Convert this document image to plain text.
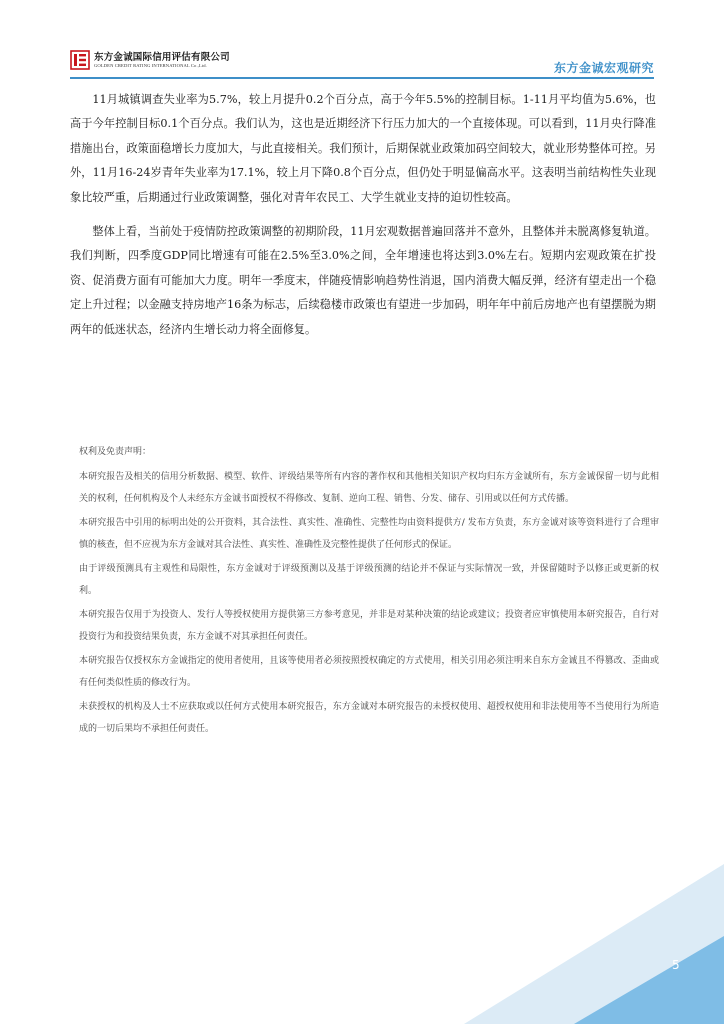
东方金诚国际信用评估有限公司
GOLDEN CREDIT RATING INTERNATIONAL Co.,Ltd.	东方金诚宏观研究

11月城镇调查失业率为5.7%，较上月提升0.2个百分点，高于今年5.5%的控制目标。1-11月平均值为5.6%，也高于今年控制目标0.1个百分点。我们认为，这也是近期经济下行压力加大的一个直接体现。可以看到，11月央行降准措施出台，政策面稳增长力度加大，与此直接相关。我们预计，后期保就业政策加码空间较大，就业形势整体可控。另外，11月16-24岁青年失业率为17.1%，较上月下降0.8个百分点，但仍处于明显偏高水平。这表明当前结构性失业现象比较严重，后期通过行业政策调整，强化对青年农民工、大学生就业支持的迫切性较高。

整体上看，当前处于疫情防控政策调整的初期阶段，11月宏观数据普遍回落并不意外，且整体并未脱离修复轨道。我们判断，四季度GDP同比增速有可能在2.5%至3.0%之间，全年增速也将达到3.0%左右。短期内宏观政策在扩投资、促消费方面有可能加大力度。明年一季度末，伴随疫情影响趋势性消退，国内消费大幅反弹，经济有望走出一个稳定上升过程；以金融支持房地产16条为标志，后续稳楼市政策也有望进一步加码，明年年中前后房地产也有望摆脱为期两年的低迷状态，经济内生增长动力将全面修复。

权利及免责声明：

本研究报告及相关的信用分析数据、模型、软件、评级结果等所有内容的著作权和其他相关知识产权均归东方金诚所有，东方金诚保留一切与此相关的权利，任何机构及个人未经东方金诚书面授权不得修改、复制、逆向工程、销售、分发、储存、引用或以任何方式传播。

本研究报告中引用的标明出处的公开资料，其合法性、真实性、准确性、完整性均由资料提供方/ 发布方负责，东方金诚对该等资料进行了合理审慎的核查，但不应视为东方金诚对其合法性、真实性、准确性及完整性提供了任何形式的保证。

由于评级预测具有主观性和局限性，东方金诚对于评级预测以及基于评级预测的结论并不保证与实际情况一致，并保留随时予以修正或更新的权利。

本研究报告仅用于为投资人、发行人等授权使用方提供第三方参考意见，并非是对某种决策的结论或建议；投资者应审慎使用本研究报告，自行对投资行为和投资结果负责，东方金诚不对其承担任何责任。

本研究报告仅授权东方金诚指定的使用者使用，且该等使用者必须按照授权确定的方式使用，相关引用必须注明来自东方金诚且不得篡改、歪曲或有任何类似性质的修改行为。

未获授权的机构及人士不应获取或以任何方式使用本研究报告，东方金诚对本研究报告的未授权使用、超授权使用和非法使用等不当使用行为所造成的一切后果均不承担任何责任。

5
